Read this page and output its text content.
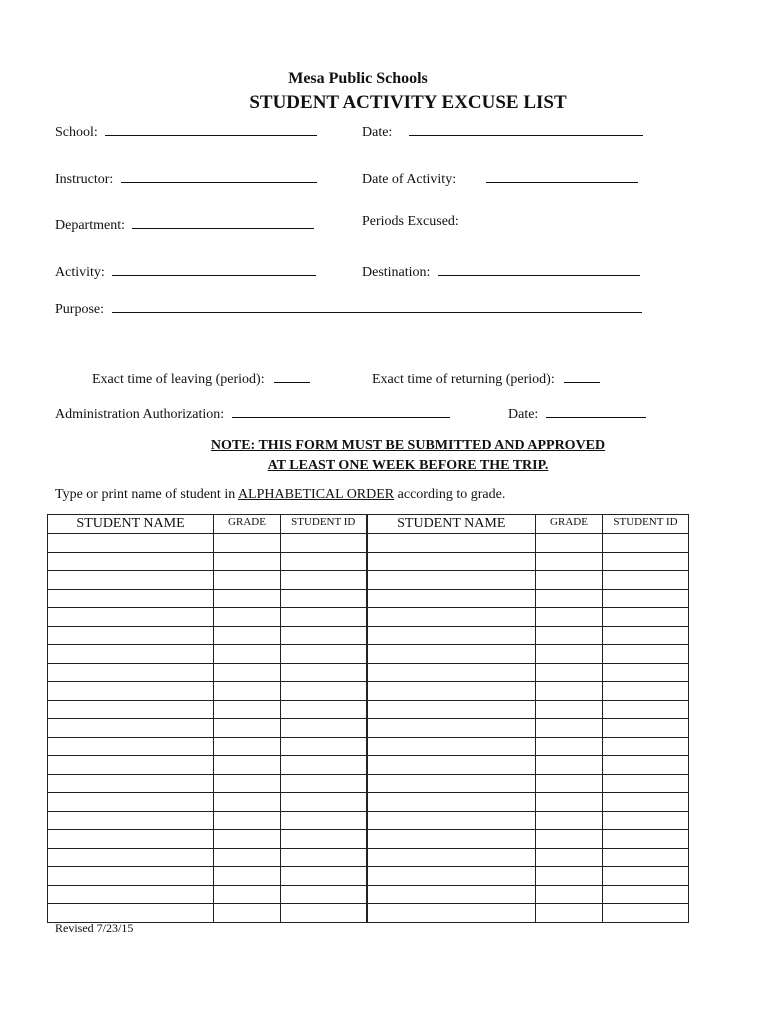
Mesa Public Schools
STUDENT ACTIVITY EXCUSE LIST
School:	Date:
Instructor:	Date of Activity:
Department:	Periods Excused:
Activity:	Destination:
Purpose:
Exact time of leaving (period):	Exact time of returning (period):
Administration Authorization:	Date:
NOTE: THIS FORM MUST BE SUBMITTED AND APPROVED
AT LEAST ONE WEEK BEFORE THE TRIP.
Type or print name of student in ALPHABETICAL ORDER according to grade.
STUDENT NAME	GRADE	STUDENT ID	STUDENT NAME	GRADE	STUDENT ID

Revised 7/23/15
